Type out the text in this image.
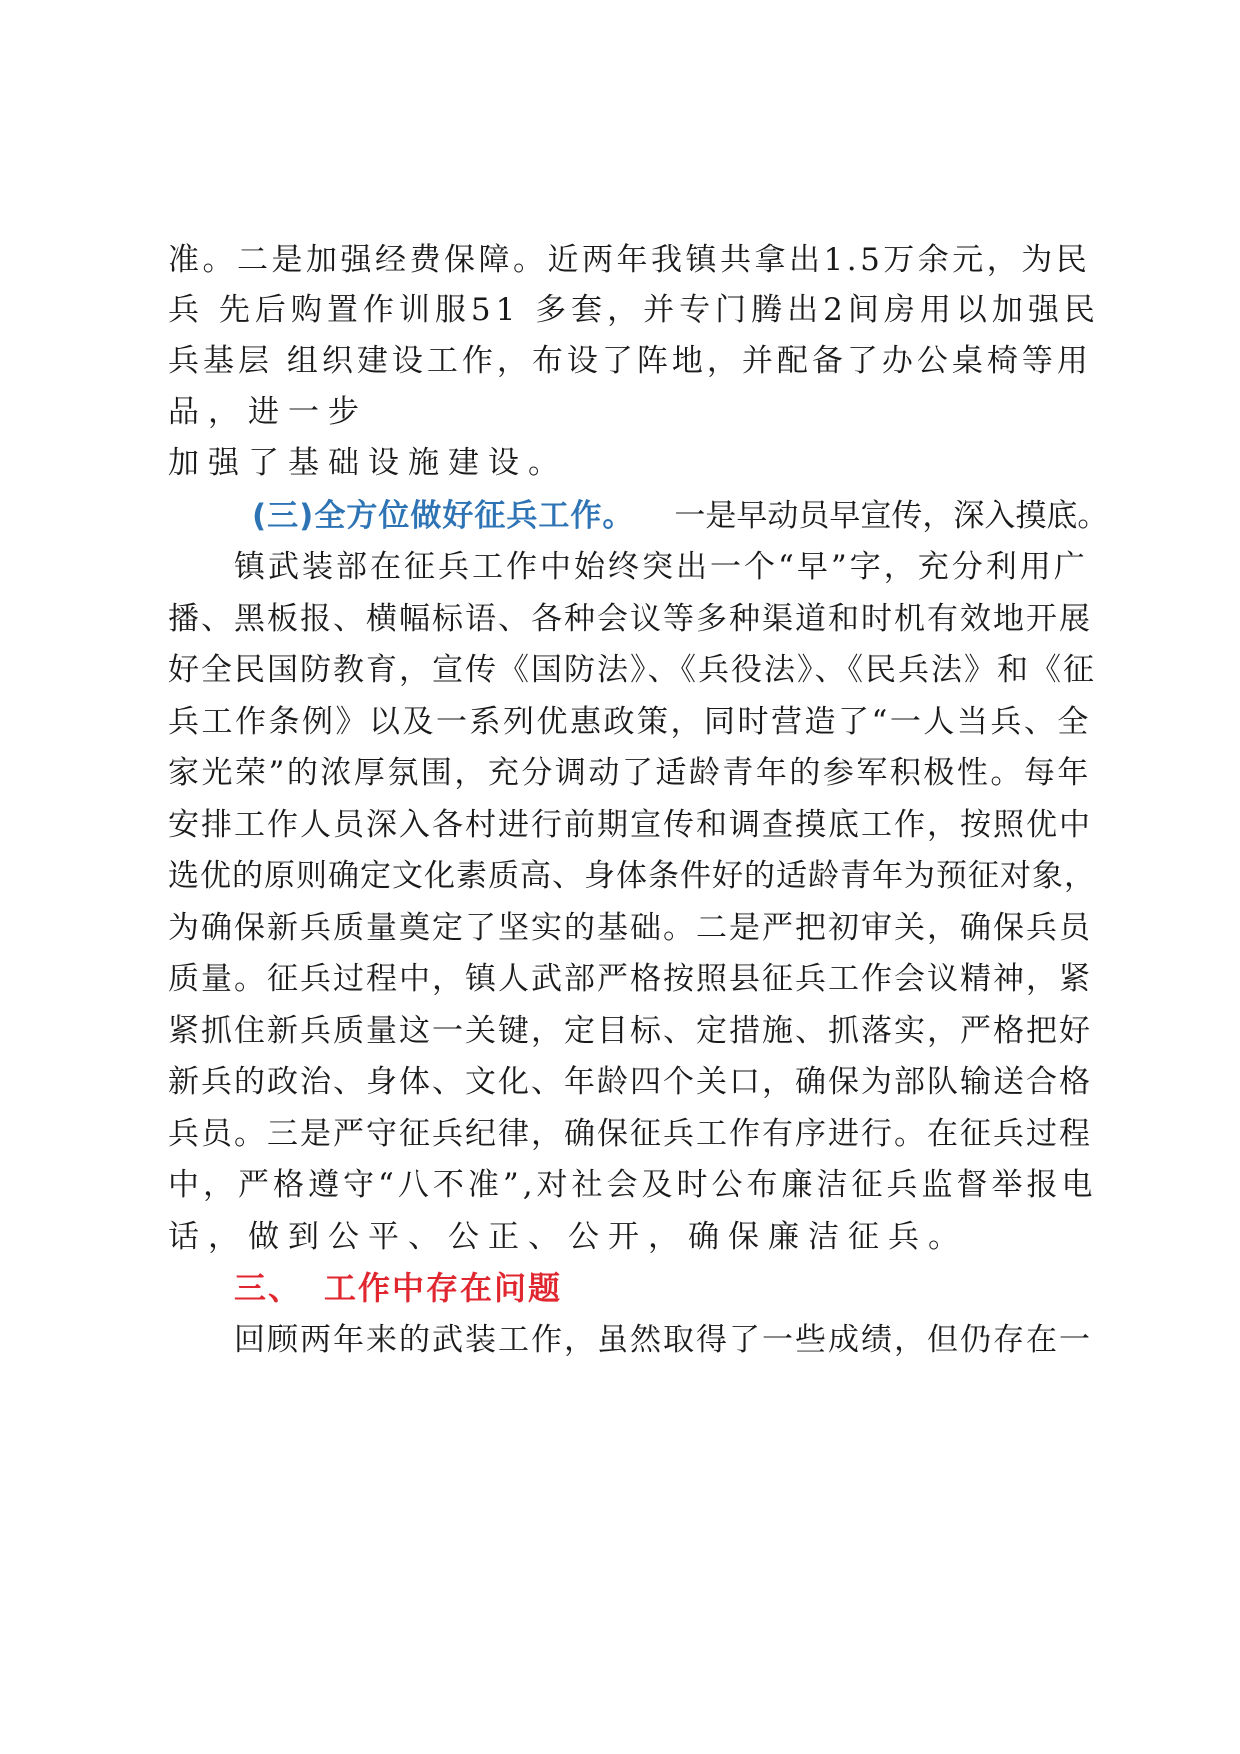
准。二是加强经费保障。近两年我镇共拿出1.5万余元，为民
兵 先后购置作训服51 多套，并专门腾出2间房用以加强民
兵基层 组织建设工作，布设了阵地，并配备了办公桌椅等用
品，进一步
加强了基础设施建设。
(三)全方位做好征兵工作。 一是早动员早宣传，深入摸底。
镇武装部在征兵工作中始终突出一个“早”字，充分利用广
播、黑板报、横幅标语、各种会议等多种渠道和时机有效地开展
好全民国防教育，宣传《国防法》、《兵役法》、《民兵法》和《征
兵工作条例》以及一系列优惠政策，同时营造了“一人当兵、全
家光荣”的浓厚氛围，充分调动了适龄青年的参军积极性。每年
安排工作人员深入各村进行前期宣传和调查摸底工作，按照优中
选优的原则确定文化素质高、身体条件好的适龄青年为预征对象，
为确保新兵质量奠定了坚实的基础。二是严把初审关，确保兵员
质量。征兵过程中，镇人武部严格按照县征兵工作会议精神，紧
紧抓住新兵质量这一关键，定目标、定措施、抓落实，严格把好
新兵的政治、身体、文化、年龄四个关口，确保为部队输送合格
兵员。三是严守征兵纪律，确保征兵工作有序进行。在征兵过程
中，严格遵守“八不准”,对社会及时公布廉洁征兵监督举报电
话，做到公平、公正、公开，确保廉洁征兵。
三、 工作中存在问题
回顾两年来的武装工作，虽然取得了一些成绩，但仍存在一
